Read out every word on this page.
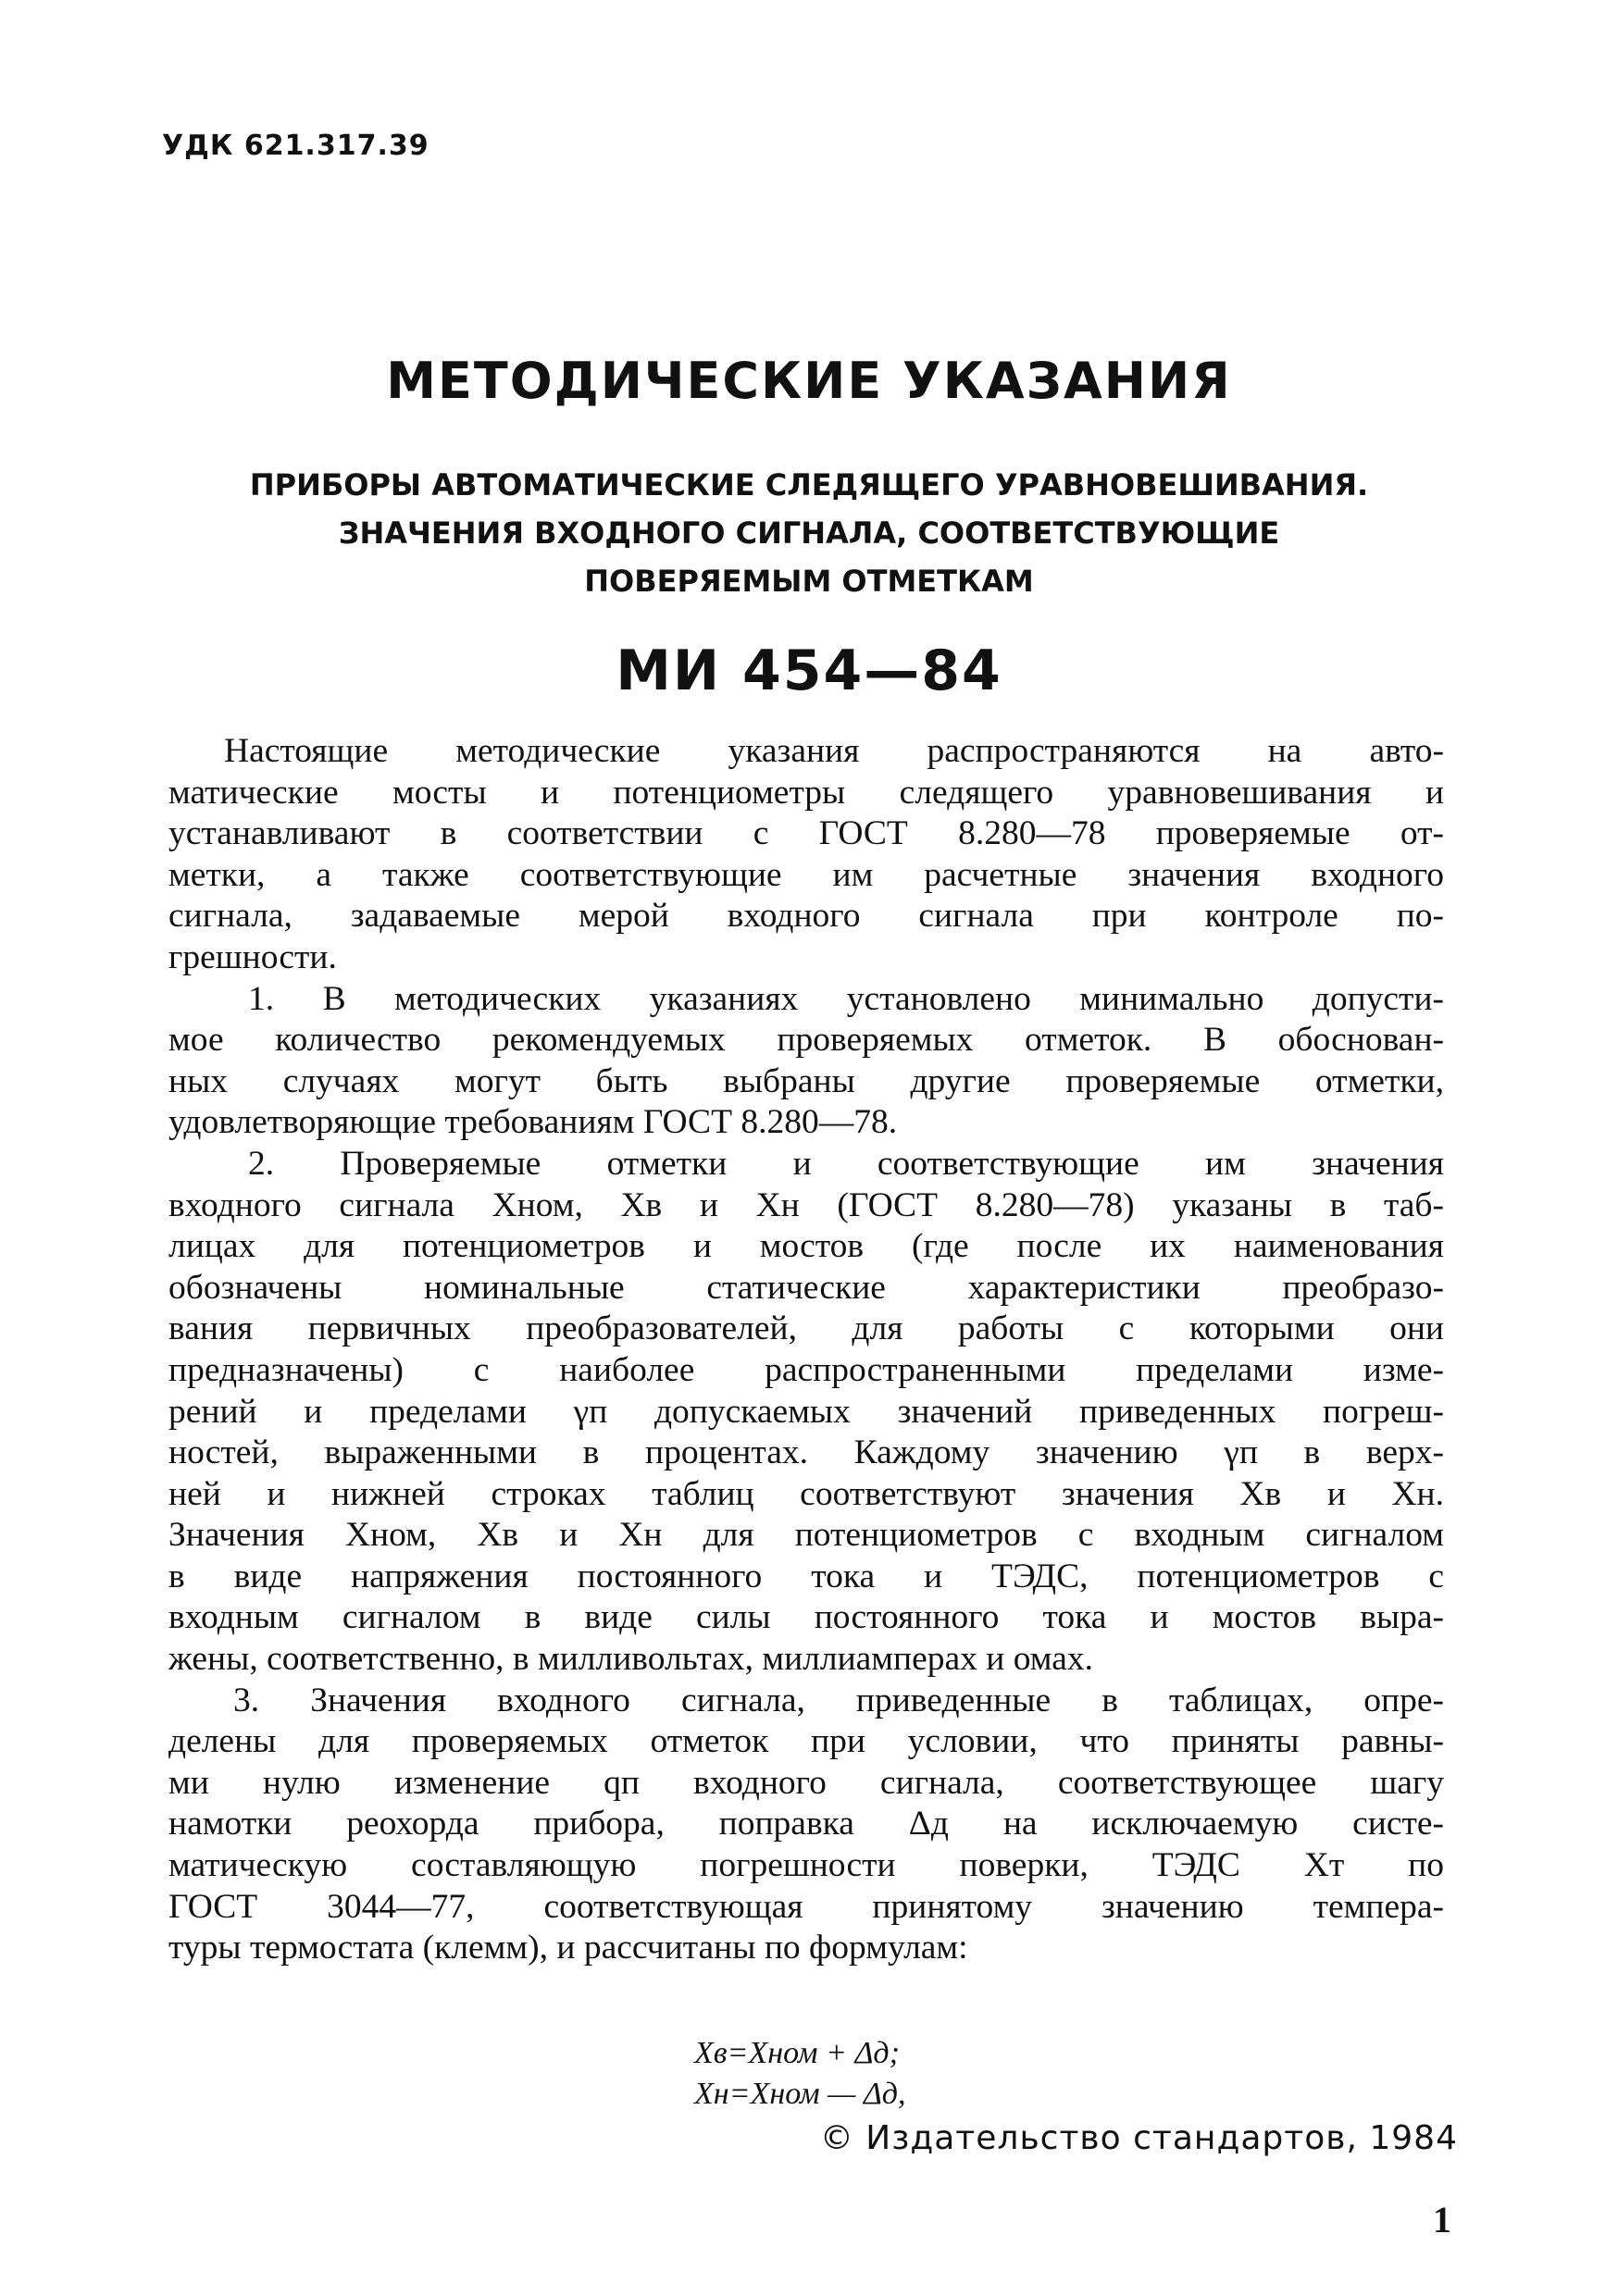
УДК 621.317.39
МЕТОДИЧЕСКИЕ УКАЗАНИЯ
ПРИБОРЫ АВТОМАТИЧЕСКИЕ СЛЕДЯЩЕГО УРАВНОВЕШИВАНИЯ.
ЗНАЧЕНИЯ ВХОДНОГО СИГНАЛА, СООТВЕТСТВУЮЩИЕ
ПОВЕРЯЕМЫМ ОТМЕТКАМ
МИ 454—84
Настоящие методические указания распространяются на авто-
матические мосты и потенциометры следящего уравновешивания и
устанавливают в соответствии с ГОСТ 8.280—78 проверяемые от-
метки, а также соответствующие им расчетные значения входного
сигнала, задаваемые мерой входного сигнала при контроле по-
грешности.
1. В методических указаниях установлено минимально допусти-
мое количество рекомендуемых проверяемых отметок. В обоснован-
ных случаях могут быть выбраны другие проверяемые отметки,
удовлетворяющие требованиям ГОСТ 8.280—78.
2. Проверяемые отметки и соответствующие им значения
входного сигнала Xном, Xв и Xн (ГОСТ 8.280—78) указаны в таб-
лицах для потенциометров и мостов (где после их наименования
обозначены номинальные статические характеристики преобразо-
вания первичных преобразователей, для работы с которыми они
предназначены) с наиболее распространенными пределами изме-
рений и пределами γп допускаемых значений приведенных погреш-
ностей, выраженными в процентах. Каждому значению γп в верх-
ней и нижней строках таблиц соответствуют значения Xв и Xн.
Значения Xном, Xв и Xн для потенциометров с входным сигналом
в виде напряжения постоянного тока и ТЭДС, потенциометров с
входным сигналом в виде силы постоянного тока и мостов выра-
жены, соответственно, в милливольтах, миллиамперах и омах.
3. Значения входного сигнала, приведенные в таблицах, опре-
делены для проверяемых отметок при условии, что приняты равны-
ми нулю изменение qп входного сигнала, соответствующее шагу
намотки реохорда прибора, поправка Δд на исключаемую систе-
матическую составляющую погрешности поверки, ТЭДС Xт по
ГОСТ 3044—77, соответствующая принятому значению темпера-
туры термостата (клемм), и рассчитаны по формулам:
Xв=Xном + Δд;
Xн=Xном — Δд,
© Издательство стандартов, 1984
1
